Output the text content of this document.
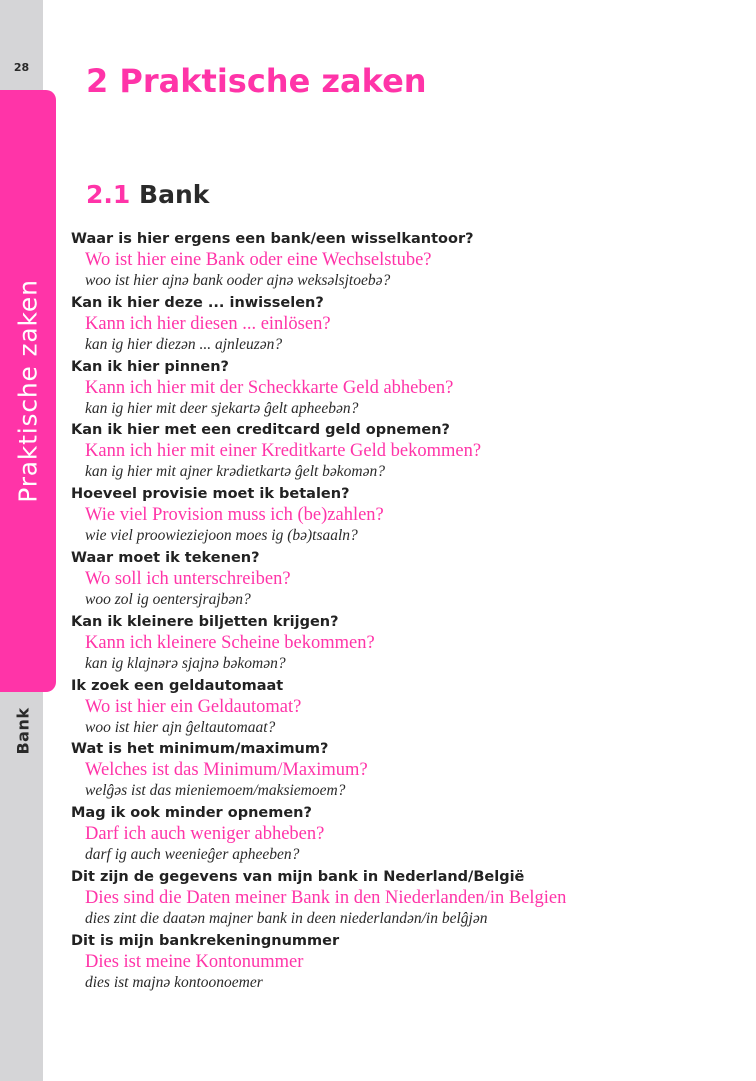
28
Praktische zaken
Bank
2 Praktische zaken
2.1 Bank
Waar is hier ergens een bank/een wisselkantoor?
Wo ist hier eine Bank oder eine Wechselstube?
woo ist hier ajnə bank ooder ajnə weksəlsjtoebə?
Kan ik hier deze ... inwisselen?
Kann ich hier diesen ... einlösen?
kan ig hier diezən ... ajnleuzən?
Kan ik hier pinnen?
Kann ich hier mit der Scheckkarte Geld abheben?
kan ig hier mit deer sjekartə ĝelt apheebən?
Kan ik hier met een creditcard geld opnemen?
Kann ich hier mit einer Kreditkarte Geld bekommen?
kan ig hier mit ajner krədietkartə ĝelt bəkomən?
Hoeveel provisie moet ik betalen?
Wie viel Provision muss ich (be)zahlen?
wie viel proowieziejoon moes ig (bə)tsaaln?
Waar moet ik tekenen?
Wo soll ich unterschreiben?
woo zol ig oentersjrajbən?
Kan ik kleinere biljetten krijgen?
Kann ich kleinere Scheine bekommen?
kan ig klajnərə sjajnə bəkomən?
Ik zoek een geldautomaat
Wo ist hier ein Geldautomat?
woo ist hier ajn ĝeltautomaat?
Wat is het minimum/maximum?
Welches ist das Minimum/Maximum?
welĝəs ist das mieniemoem/maksiemoem?
Mag ik ook minder opnemen?
Darf ich auch weniger abheben?
darf ig auch weenieĝer apheeben?
Dit zijn de gegevens van mijn bank in Nederland/België
Dies sind die Daten meiner Bank in den Niederlanden/in Belgien
dies zint die daatən majner bank in deen niederlandən/in belĝjən
Dit is mijn bankrekeningnummer
Dies ist meine Kontonummer
dies ist majnə kontoonoemer
